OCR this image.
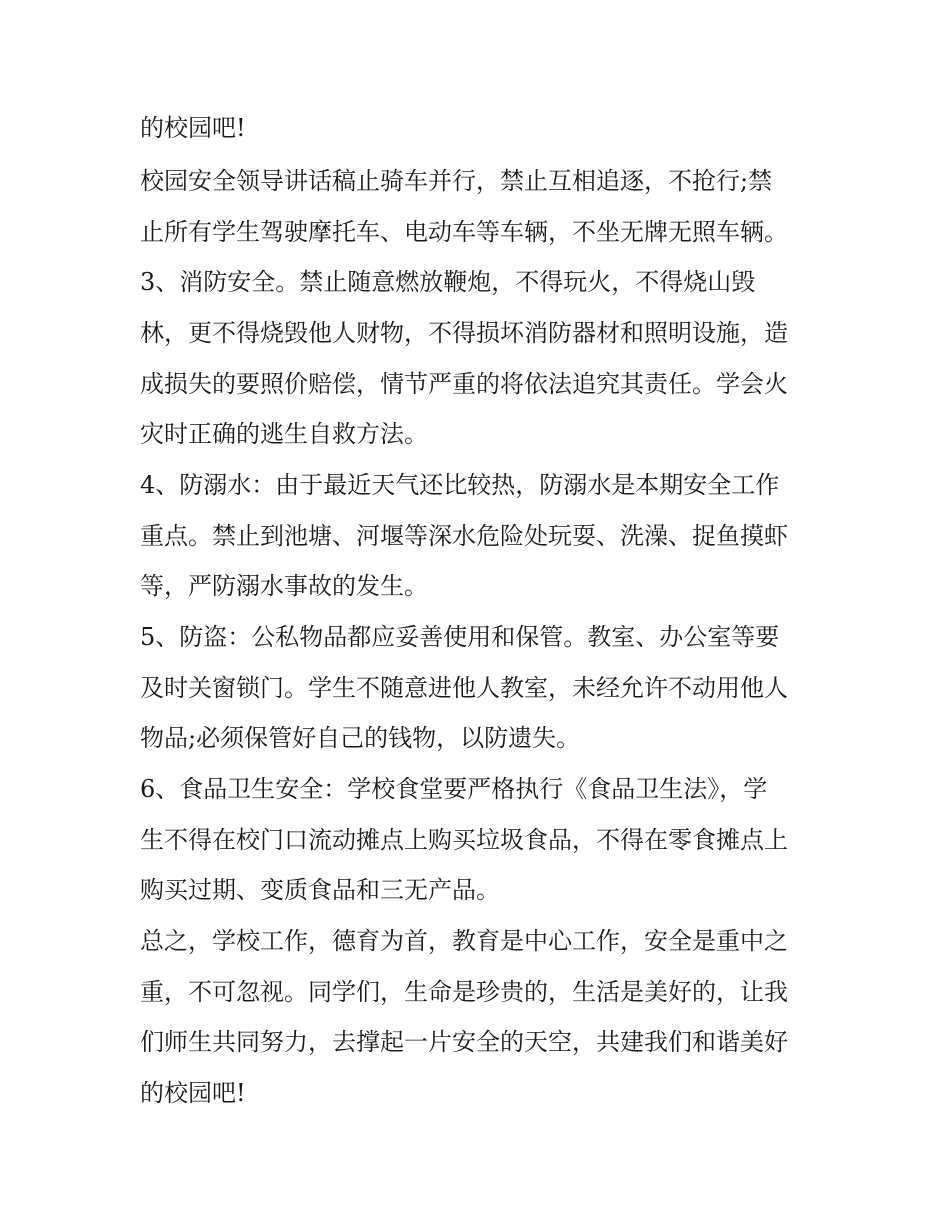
的校园吧!
校园安全领导讲话稿止骑车并行，禁止互相追逐，不抢行;禁
止所有学生驾驶摩托车、电动车等车辆，不坐无牌无照车辆。
3、消防安全。禁止随意燃放鞭炮，不得玩火，不得烧山毁
林，更不得烧毁他人财物，不得损坏消防器材和照明设施，造
成损失的要照价赔偿，情节严重的将依法追究其责任。学会火
灾时正确的逃生自救方法。
4、防溺水：由于最近天气还比较热，防溺水是本期安全工作
重点。禁止到池塘、河堰等深水危险处玩耍、洗澡、捉鱼摸虾
等，严防溺水事故的发生。
5、防盗：公私物品都应妥善使用和保管。教室、办公室等要
及时关窗锁门。学生不随意进他人教室，未经允许不动用他人
物品;必须保管好自己的钱物，以防遗失。
6、食品卫生安全：学校食堂要严格执行《食品卫生法》，学
生不得在校门口流动摊点上购买垃圾食品，不得在零食摊点上
购买过期、变质食品和三无产品。
总之，学校工作，德育为首，教育是中心工作，安全是重中之
重，不可忽视。同学们，生命是珍贵的，生活是美好的，让我
们师生共同努力，去撑起一片安全的天空，共建我们和谐美好
的校园吧!
